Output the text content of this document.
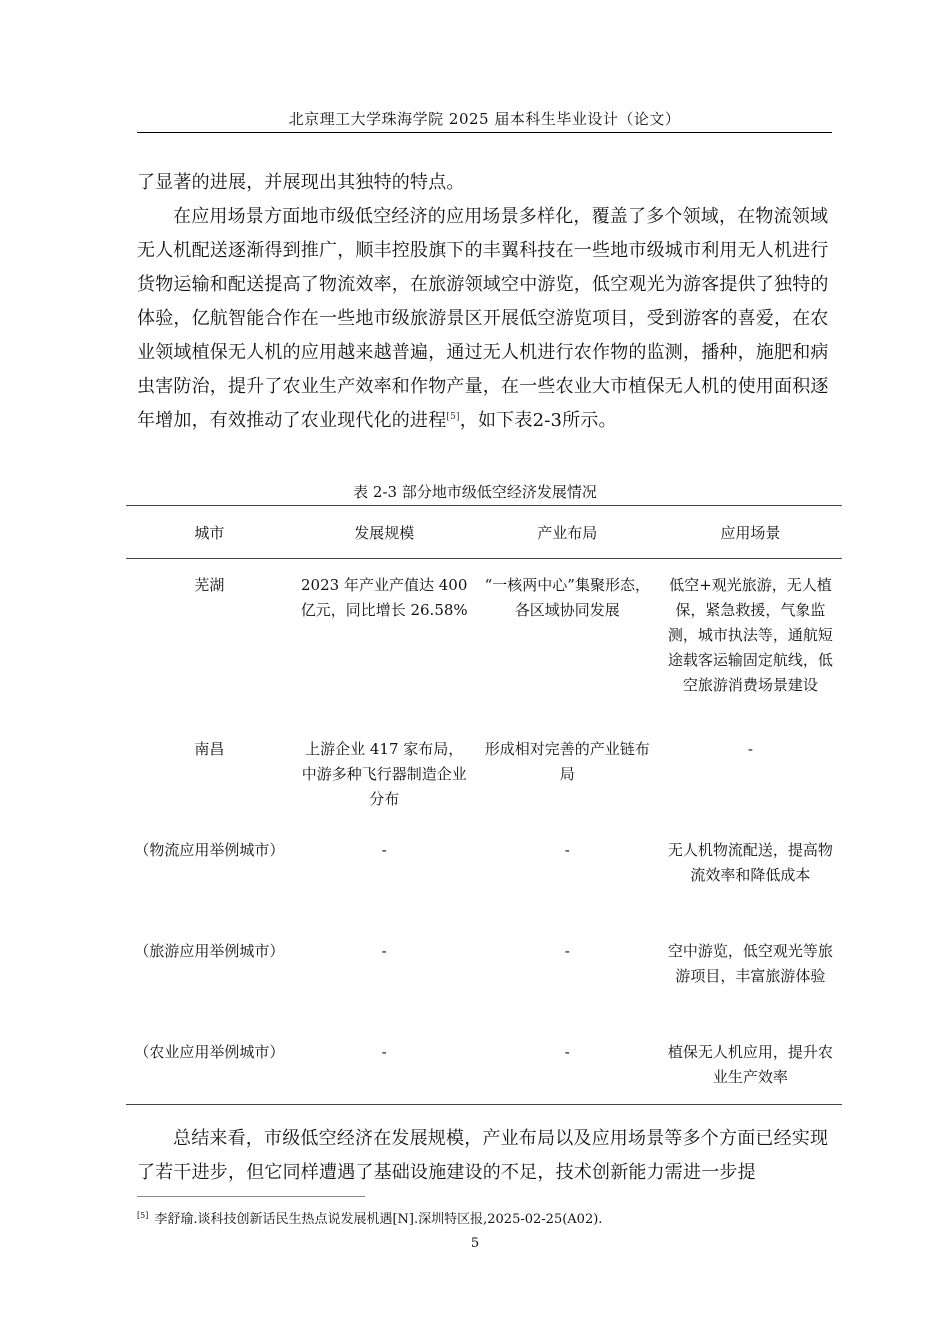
北京理工大学珠海学院 2025 届本科生毕业设计（论文）

了显著的进展，并展现出其独特的特点。

在应用场景方面地市级低空经济的应用场景多样化，覆盖了多个领域，在物流领域无人机配送逐渐得到推广，顺丰控股旗下的丰翼科技在一些地市级城市利用无人机进行货物运输和配送提高了物流效率，在旅游领域空中游览，低空观光为游客提供了独特的体验，亿航智能合作在一些地市级旅游景区开展低空游览项目，受到游客的喜爱，在农业领域植保无人机的应用越来越普遍，通过无人机进行农作物的监测，播种，施肥和病虫害防治，提升了农业生产效率和作物产量，在一些农业大市植保无人机的使用面积逐年增加，有效推动了农业现代化的进程[5]，如下表2-3所示。

表 2-3 部分地市级低空经济发展情况
城市	发展规模	产业布局	应用场景
芜湖	2023 年产业产值达 400 亿元，同比增长 26.58%	“一核两中心”集聚形态，各区域协同发展	低空+观光旅游，无人植保，紧急救援，气象监测，城市执法等，通航短途载客运输固定航线，低空旅游消费场景建设
南昌	上游企业 417 家布局，中游多种飞行器制造企业分布	形成相对完善的产业链布局	-
（物流应用举例城市）	-	-	无人机物流配送，提高物流效率和降低成本
（旅游应用举例城市）	-	-	空中游览，低空观光等旅游项目，丰富旅游体验
（农业应用举例城市）	-	-	植保无人机应用，提升农业生产效率

总结来看，市级低空经济在发展规模，产业布局以及应用场景等多个方面已经实现了若干进步，但它同样遭遇了基础设施建设的不足，技术创新能力需进一步提

[5] 李舒瑜.谈科技创新话民生热点说发展机遇[N].深圳特区报,2025-02-25(A02).
5
